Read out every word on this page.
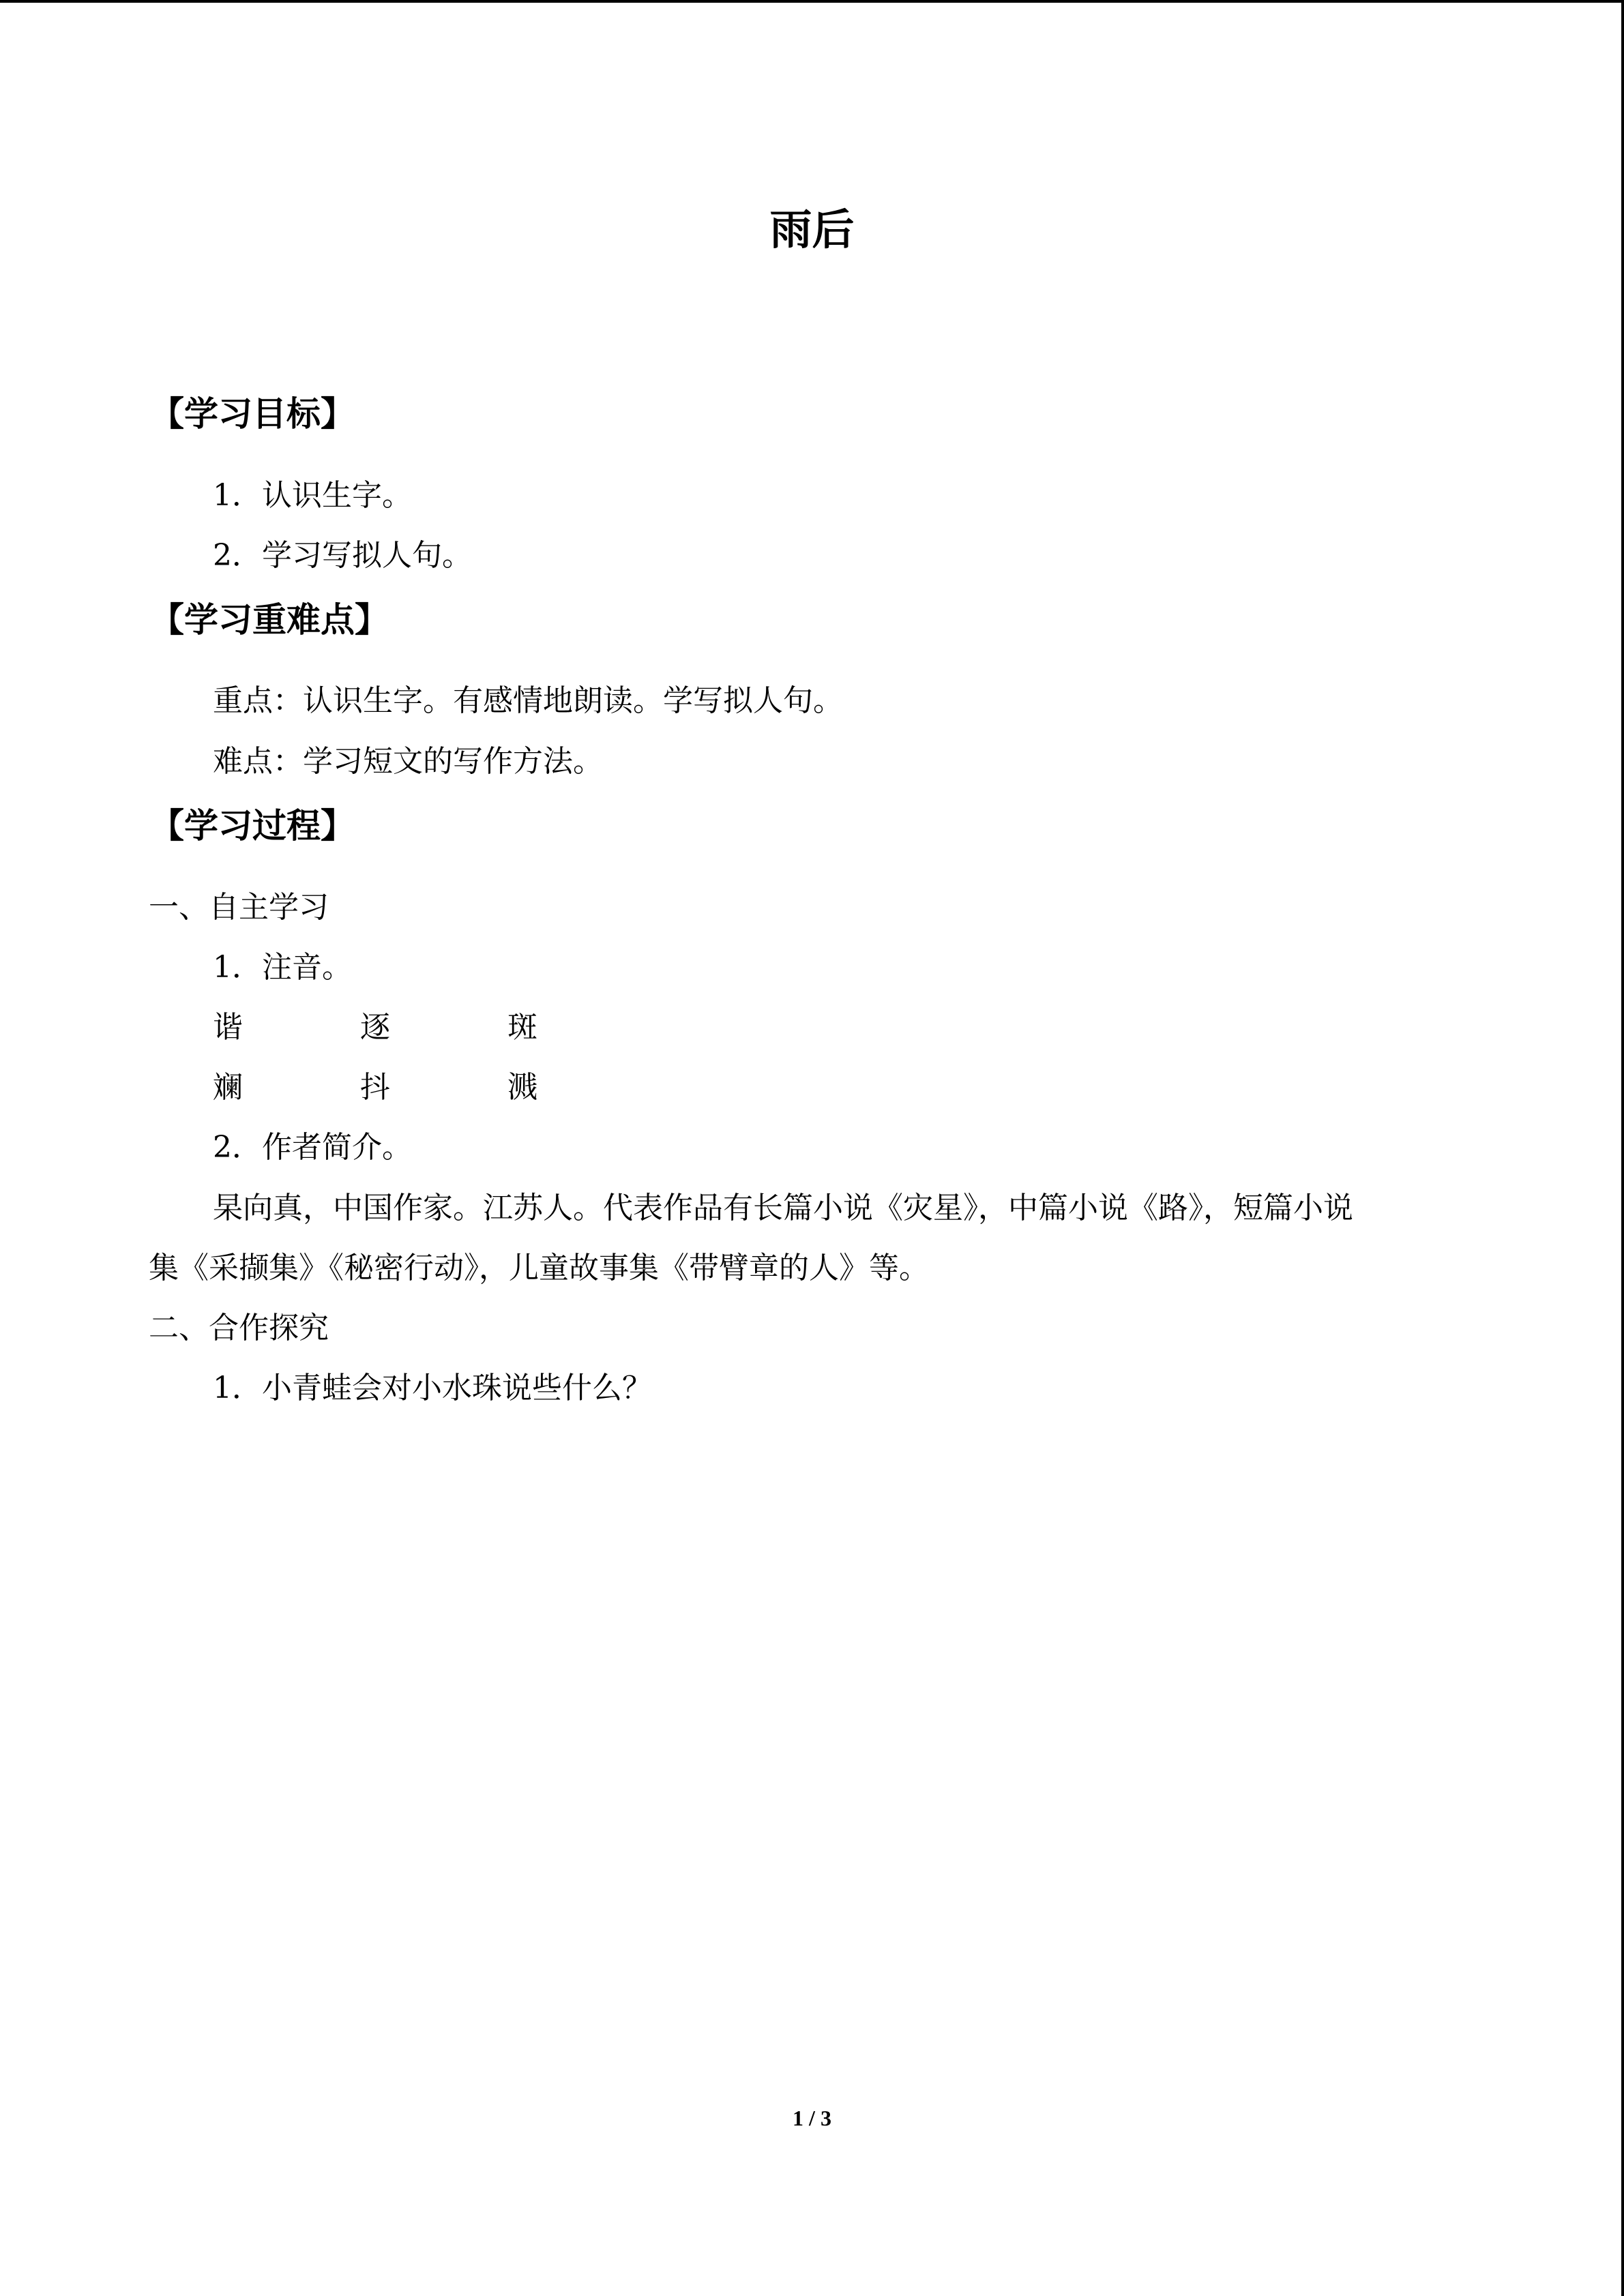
雨后
【学习目标】
1．认识生字。
2．学习写拟人句。
【学习重难点】
重点：认识生字。有感情地朗读。学写拟人句。
难点：学习短文的写作方法。
【学习过程】
一、自主学习
1．注音。
谐	逐	斑
斓	抖	溅
2．作者简介。
杲向真，中国作家。江苏人。代表作品有长篇小说《灾星》，中篇小说《路》，短篇小说
集《采撷集》《秘密行动》，儿童故事集《带臂章的人》等。
二、合作探究
1．小青蛙会对小水珠说些什么？
1 / 3
